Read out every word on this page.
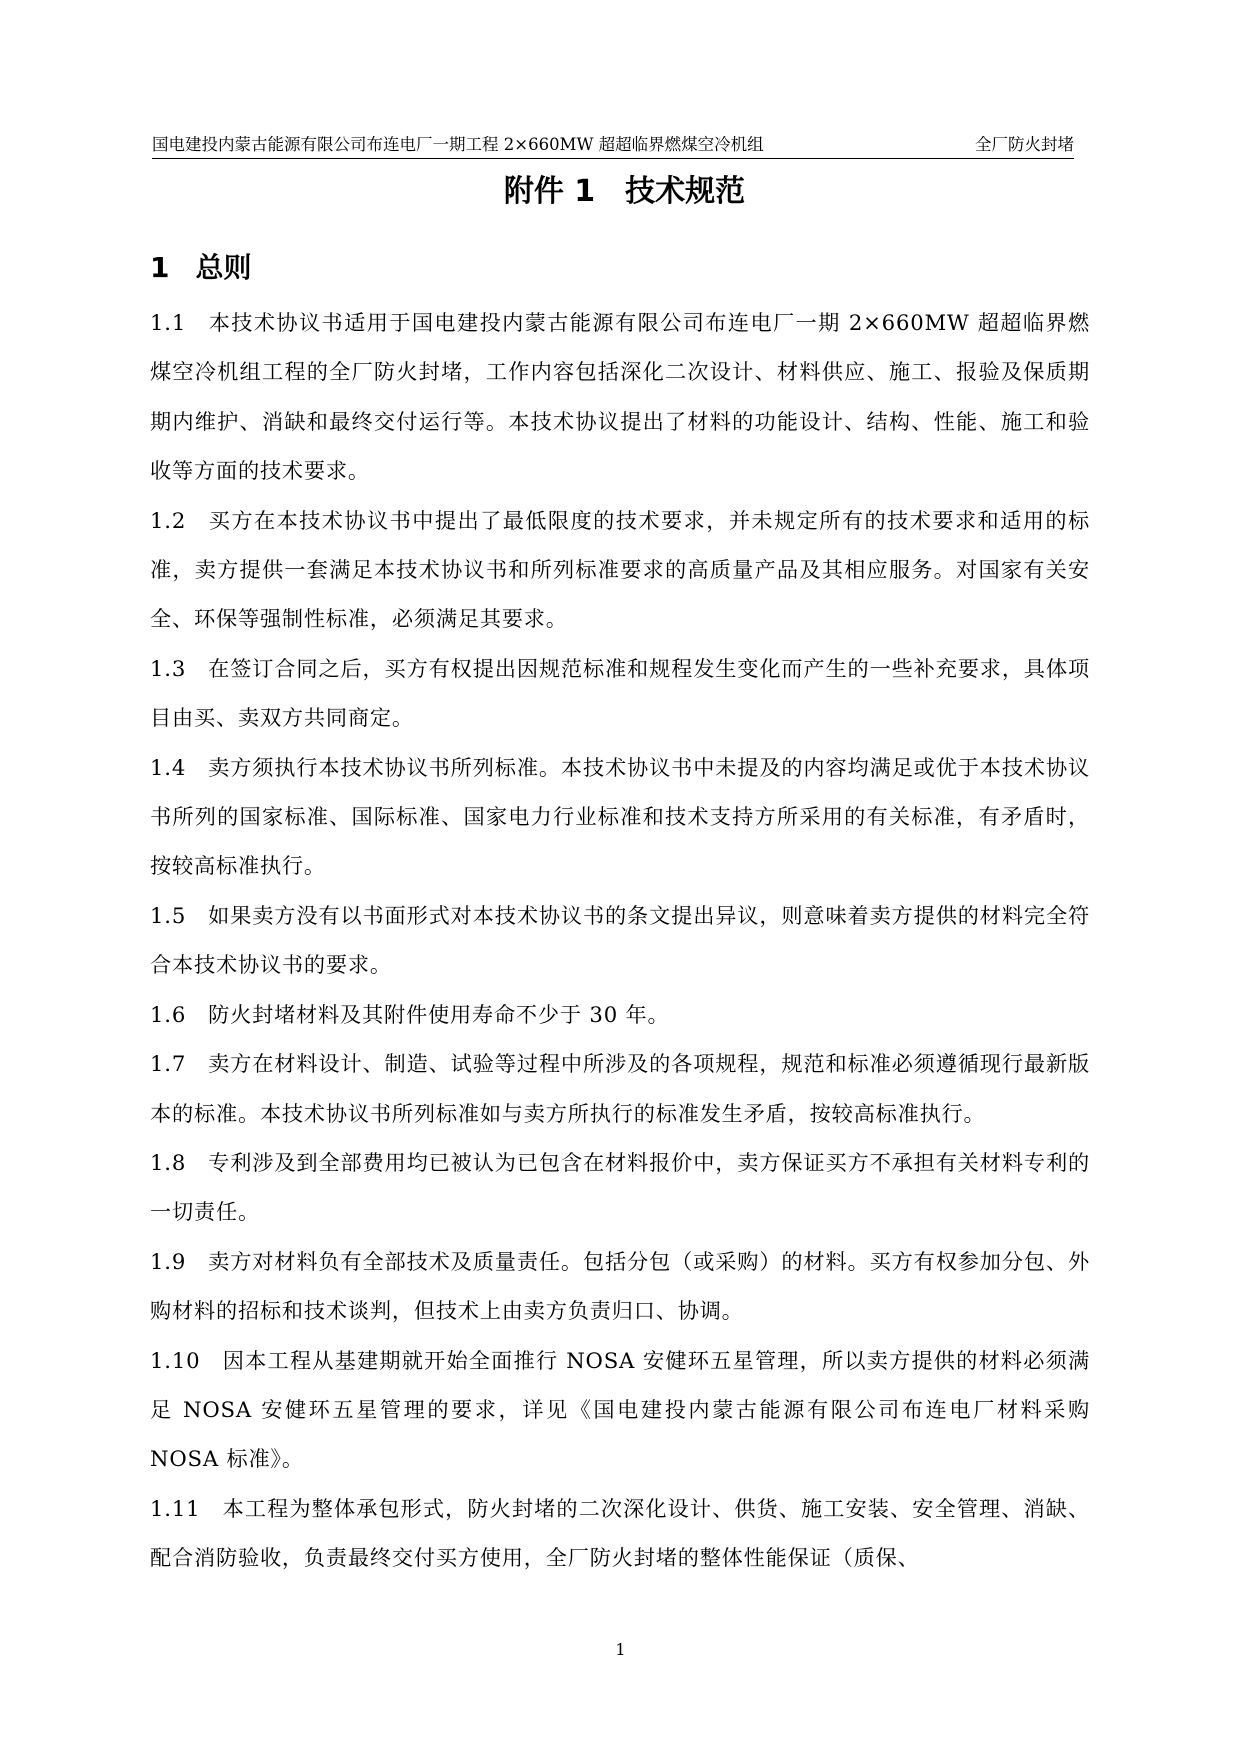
国电建投内蒙古能源有限公司布连电厂一期工程 2×660MW 超超临界燃煤空冷机组	全厂防火封堵
附件 1 技术规范
1 总则

1.1 本技术协议书适用于国电建投内蒙古能源有限公司布连电厂一期 2×660MW 超超临界燃煤空冷机组工程的全厂防火封堵，工作内容包括深化二次设计、材料供应、施工、报验及保质期期内维护、消缺和最终交付运行等。本技术协议提出了材料的功能设计、结构、性能、施工和验收等方面的技术要求。

1.2 买方在本技术协议书中提出了最低限度的技术要求，并未规定所有的技术要求和适用的标准，卖方提供一套满足本技术协议书和所列标准要求的高质量产品及其相应服务。对国家有关安全、环保等强制性标准，必须满足其要求。

1.3 在签订合同之后，买方有权提出因规范标准和规程发生变化而产生的一些补充要求，具体项目由买、卖双方共同商定。

1.4 卖方须执行本技术协议书所列标准。本技术协议书中未提及的内容均满足或优于本技术协议书所列的国家标准、国际标准、国家电力行业标准和技术支持方所采用的有关标准，有矛盾时，按较高标准执行。

1.5 如果卖方没有以书面形式对本技术协议书的条文提出异议，则意味着卖方提供的材料完全符合本技术协议书的要求。

1.6 防火封堵材料及其附件使用寿命不少于 30 年。

1.7 卖方在材料设计、制造、试验等过程中所涉及的各项规程，规范和标准必须遵循现行最新版本的标准。本技术协议书所列标准如与卖方所执行的标准发生矛盾，按较高标准执行。

1.8 专利涉及到全部费用均已被认为已包含在材料报价中，卖方保证买方不承担有关材料专利的一切责任。

1.9 卖方对材料负有全部技术及质量责任。包括分包（或采购）的材料。买方有权参加分包、外购材料的招标和技术谈判，但技术上由卖方负责归口、协调。

1.10 因本工程从基建期就开始全面推行 NOSA 安健环五星管理，所以卖方提供的材料必须满足 NOSA 安健环五星管理的要求，详见《国电建投内蒙古能源有限公司布连电厂材料采购 NOSA 标准》。

1.11 本工程为整体承包形式，防火封堵的二次深化设计、供货、施工安装、安全管理、消缺、配合消防验收，负责最终交付买方使用，全厂防火封堵的整体性能保证（质保、

1
